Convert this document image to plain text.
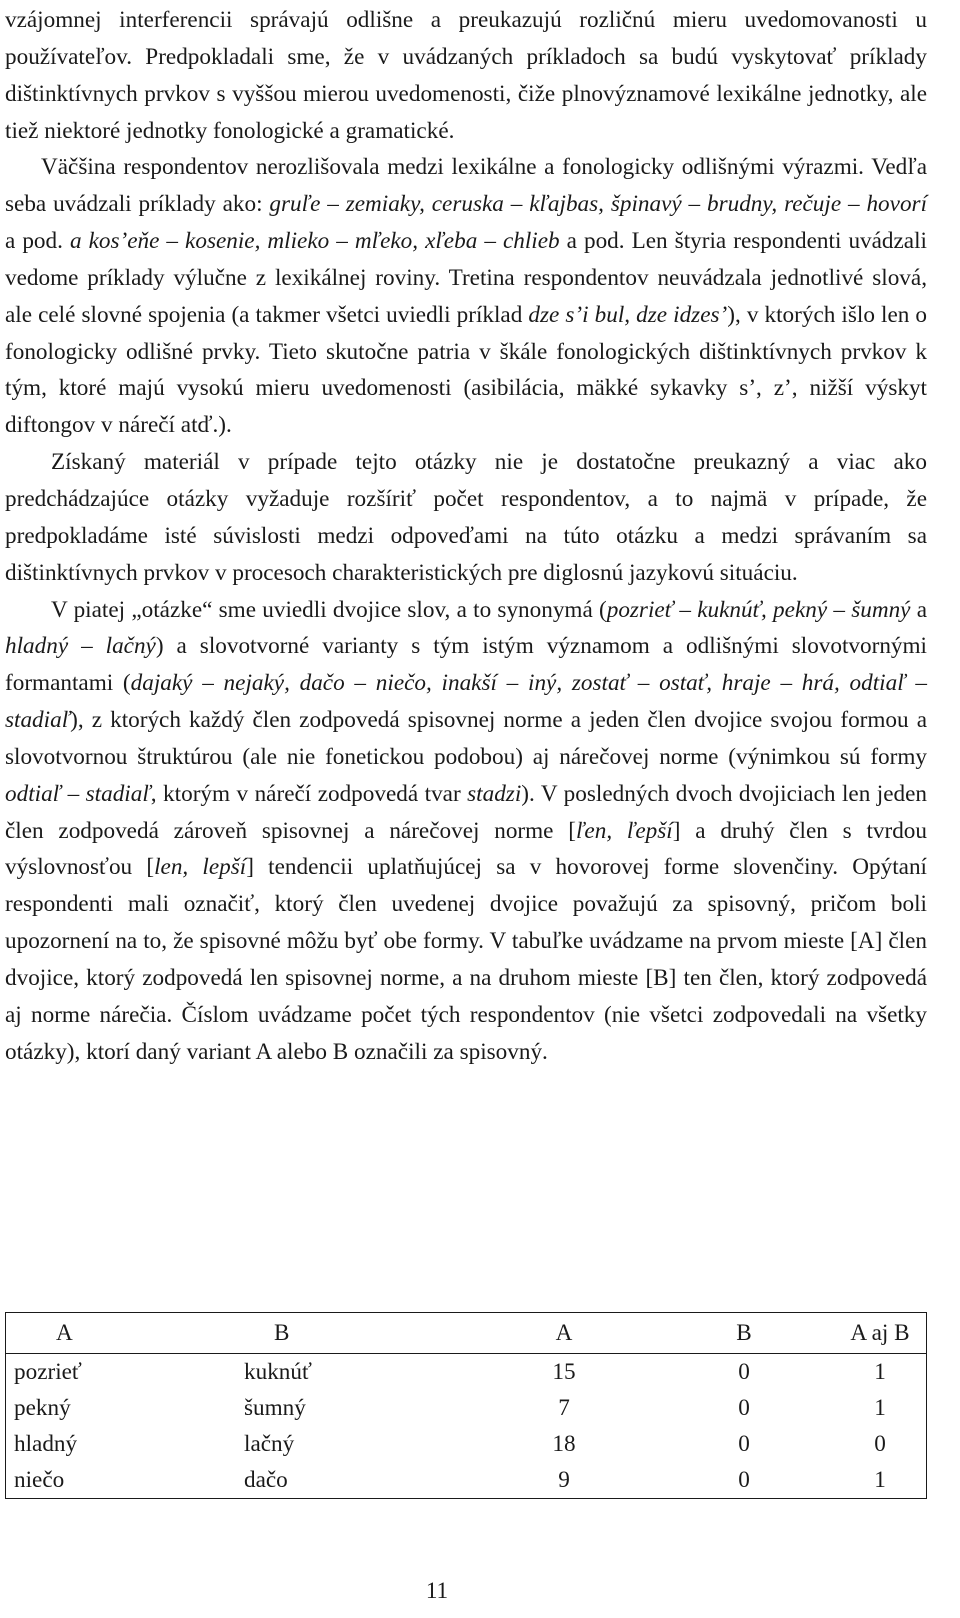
vzájomnej interferencii správajú odlišne a preukazujú rozličnú mieru uvedomovanosti u používateľov. Predpokladali sme, že v uvádzaných príkladoch sa budú vyskytovať príklady dištinktívnych prvkov s vyššou mierou uvedomenosti, čiže plnovýznamové lexikálne jednotky, ale tiež niektoré jednotky fonologické a gramatické.

Väčšina respondentov nerozlišovala medzi lexikálne a fonologicky odlišnými výrazmi. Vedľa seba uvádzali príklady ako: gruľe – zemiaky, ceruska – kľajbas, špinavý – brudny, rečuje – hovorí a pod. a kos’eňe – kosenie, mlieko – mľeko, xľeba – chlieb a pod. Len štyria respondenti uvádzali vedome príklady výlučne z lexikálnej roviny. Tretina respondentov neuvádzala jednotlivé slová, ale celé slovné spojenia (a takmer všetci uviedli príklad dze s’i bul, dze idzes’), v ktorých išlo len o fonologicky odlišné prvky. Tieto skutočne patria v škále fonologických dištinktívnych prvkov k tým, ktoré majú vysokú mieru uvedomenosti (asibilácia, mäkké sykavky s’, z’, nižší výskyt diftongov v nárečí atď.).

Získaný materiál v prípade tejto otázky nie je dostatočne preukazný a viac ako predchádzajúce otázky vyžaduje rozšíriť počet respondentov, a to najmä v prípade, že predpokladáme isté súvislosti medzi odpoveďami na túto otázku a medzi správaním sa dištinktívnych prvkov v procesoch charakteristických pre diglosnú jazykovú situáciu.

V piatej „otázke“ sme uviedli dvojice slov, a to synonymá (pozrieť – kuknúť, pekný – šumný a hladný – lačný) a slovotvorné varianty s tým istým významom a odlišnými slovotvornými formantami (dajaký – nejaký, dačo – niečo, inakší – iný, zostať – ostať, hraje – hrá, odtiaľ – stadiaľ), z ktorých každý člen zodpovedá spisovnej norme a jeden člen dvojice svojou formou a slovotvornou štruktúrou (ale nie fonetickou podobou) aj nárečovej norme (výnimkou sú formy odtiaľ – stadiaľ, ktorým v nárečí zodpovedá tvar stadzi). V posledných dvoch dvojiciach len jeden člen zodpovedá zároveň spisovnej a nárečovej norme [ľen, ľepší] a druhý člen s tvrdou výslovnosťou [len, lepší] tendencii uplatňujúcej sa v hovorovej forme slovenčiny. Opýtaní respondenti mali označiť, ktorý člen uvedenej dvojice považujú za spisovný, pričom boli upozornení na to, že spisovné môžu byť obe formy. V tabuľke uvádzame na prvom mieste [A] člen dvojice, ktorý zodpovedá len spisovnej norme, a na druhom mieste [B] ten člen, ktorý zodpovedá aj norme nárečia. Číslom uvádzame počet tých respondentov (nie všetci zodpovedali na všetky otázky), ktorí daný variant A alebo B označili za spisovný.

A	B	A	B	A aj B
pozrieť	kuknúť	15	0	1
pekný	šumný	7	0	1
hladný	lačný	18	0	0
niečo	dačo	9	0	1
11
